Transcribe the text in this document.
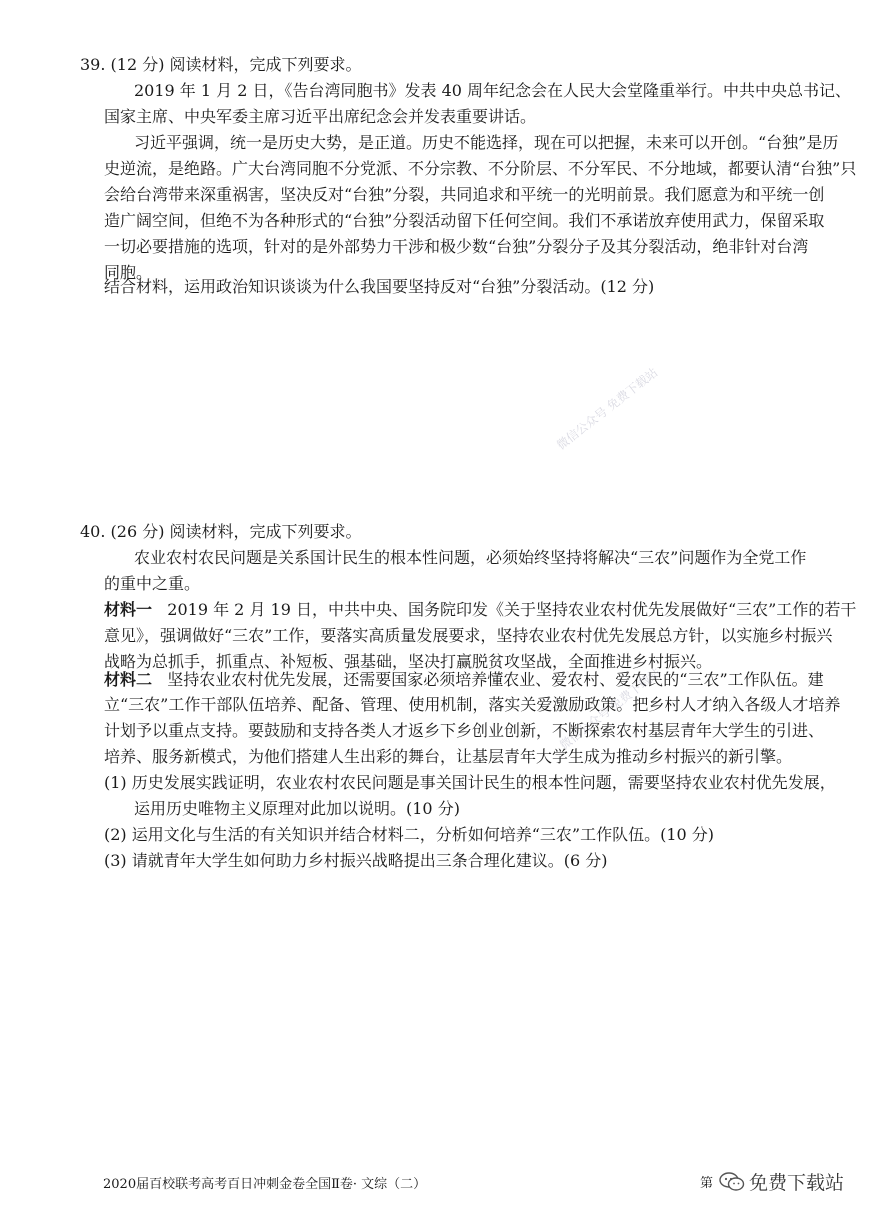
39. (12 分) 阅读材料，完成下列要求。
2019 年 1 月 2 日，《告台湾同胞书》发表 40 周年纪念会在人民大会堂隆重举行。中共中央总书记、
国家主席、中央军委主席习近平出席纪念会并发表重要讲话。
习近平强调，统一是历史大势，是正道。历史不能选择，现在可以把握，未来可以开创。“台独”是历
史逆流，是绝路。广大台湾同胞不分党派、不分宗教、不分阶层、不分军民、不分地域，都要认清“台独”只
会给台湾带来深重祸害，坚决反对“台独”分裂，共同追求和平统一的光明前景。我们愿意为和平统一创
造广阔空间，但绝不为各种形式的“台独”分裂活动留下任何空间。我们不承诺放弃使用武力，保留采取
一切必要措施的选项，针对的是外部势力干涉和极少数“台独”分裂分子及其分裂活动，绝非针对台湾
同胞。
结合材料，运用政治知识谈谈为什么我国要坚持反对“台独”分裂活动。(12 分)
40. (26 分) 阅读材料，完成下列要求。
农业农村农民问题是关系国计民生的根本性问题，必须始终坚持将解决“三农”问题作为全党工作
的重中之重。
材料一 2019 年 2 月 19 日，中共中央、国务院印发《关于坚持农业农村优先发展做好“三农”工作的若干
意见》，强调做好“三农”工作，要落实高质量发展要求，坚持农业农村优先发展总方针，以实施乡村振兴
战略为总抓手，抓重点、补短板、强基础，坚决打赢脱贫攻坚战，全面推进乡村振兴。
材料二 坚持农业农村优先发展，还需要国家必须培养懂农业、爱农村、爱农民的“三农”工作队伍。建
立“三农”工作干部队伍培养、配备、管理、使用机制，落实关爱激励政策。把乡村人才纳入各级人才培养
计划予以重点支持。要鼓励和支持各类人才返乡下乡创业创新，不断探索农村基层青年大学生的引进、
培养、服务新模式，为他们搭建人生出彩的舞台，让基层青年大学生成为推动乡村振兴的新引擎。
(1) 历史发展实践证明，农业农村农民问题是事关国计民生的根本性问题，需要坚持农业农村优先发展，
运用历史唯物主义原理对此加以说明。(10 分)
(2) 运用文化与生活的有关知识并结合材料二，分析如何培养“三农”工作队伍。(10 分)
(3) 请就青年大学生如何助力乡村振兴战略提出三条合理化建议。(6 分)
微信公众号 免费下载站
微信公众号 免费下载站
2020届百校联考高考百日冲刺金卷全国Ⅱ卷· 文综（二）	第 免费下载站
